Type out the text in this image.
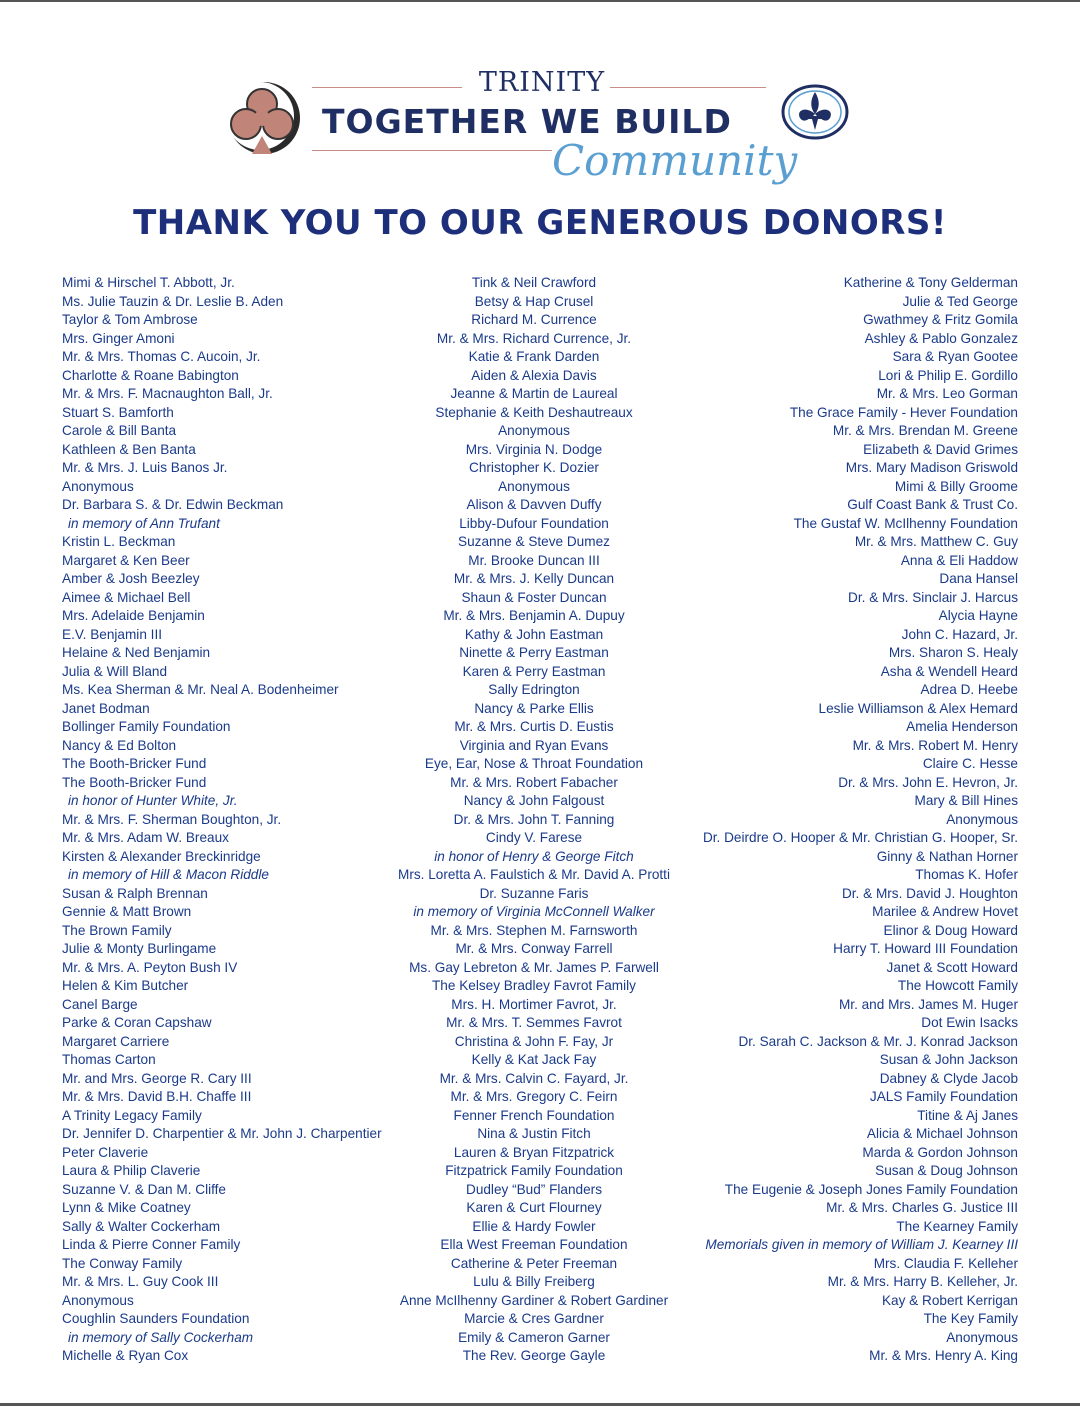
TRINITY
TOGETHER WE BUILD
Community
THANK YOU TO OUR GENEROUS DONORS!
Mimi & Hirschel T. Abbott, Jr.
Ms. Julie Tauzin & Dr. Leslie B. Aden
Taylor & Tom Ambrose
Mrs. Ginger Amoni
Mr. & Mrs. Thomas C. Aucoin, Jr.
Charlotte & Roane Babington
Mr. & Mrs. F. Macnaughton Ball, Jr.
Stuart S. Bamforth
Carole & Bill Banta
Kathleen & Ben Banta
Mr. & Mrs. J. Luis Banos Jr.
Anonymous
Dr. Barbara S. & Dr. Edwin Beckman
in memory of Ann Trufant
Kristin L. Beckman
Margaret & Ken Beer
Amber & Josh Beezley
Aimee & Michael Bell
Mrs. Adelaide Benjamin
E.V. Benjamin III
Helaine & Ned Benjamin
Julia & Will Bland
Ms. Kea Sherman & Mr. Neal A. Bodenheimer
Janet Bodman
Bollinger Family Foundation
Nancy & Ed Bolton
The Booth-Bricker Fund
The Booth-Bricker Fund
in honor of Hunter White, Jr.
Mr. & Mrs. F. Sherman Boughton, Jr.
Mr. & Mrs. Adam W. Breaux
Kirsten & Alexander Breckinridge
in memory of Hill & Macon Riddle
Susan & Ralph Brennan
Gennie & Matt Brown
The Brown Family
Julie & Monty Burlingame
Mr. & Mrs. A. Peyton Bush IV
Helen & Kim Butcher
Canel Barge
Parke & Coran Capshaw
Margaret Carriere
Thomas Carton
Mr. and Mrs. George R. Cary III
Mr. & Mrs. David B.H. Chaffe III
A Trinity Legacy Family
Dr. Jennifer D. Charpentier & Mr. John J. Charpentier
Peter Claverie
Laura & Philip Claverie
Suzanne V. & Dan M. Cliffe
Lynn & Mike Coatney
Sally & Walter Cockerham
Linda & Pierre Conner Family
The Conway Family
Mr. & Mrs. L. Guy Cook III
Anonymous
Coughlin Saunders Foundation
in memory of Sally Cockerham
Michelle & Ryan Cox
Tink & Neil Crawford
Betsy & Hap Crusel
Richard M. Currence
Mr. & Mrs. Richard Currence, Jr.
Katie & Frank Darden
Aiden & Alexia Davis
Jeanne & Martin de Laureal
Stephanie & Keith Deshautreaux
Anonymous
Mrs. Virginia N. Dodge
Christopher K. Dozier
Anonymous
Alison & Davven Duffy
Libby-Dufour Foundation
Suzanne & Steve Dumez
Mr. Brooke Duncan III
Mr. & Mrs. J. Kelly Duncan
Shaun & Foster Duncan
Mr. & Mrs. Benjamin A. Dupuy
Kathy & John Eastman
Ninette & Perry Eastman
Karen & Perry Eastman
Sally Edrington
Nancy & Parke Ellis
Mr. & Mrs. Curtis D. Eustis
Virginia and Ryan Evans
Eye, Ear, Nose & Throat Foundation
Mr. & Mrs. Robert Fabacher
Nancy & John Falgoust
Dr. & Mrs. John T. Fanning
Cindy V. Farese
in honor of Henry & George Fitch
Mrs. Loretta A. Faulstich & Mr. David A. Protti
Dr. Suzanne Faris
in memory of Virginia McConnell Walker
Mr. & Mrs. Stephen M. Farnsworth
Mr. & Mrs. Conway Farrell
Ms. Gay Lebreton & Mr. James P. Farwell
The Kelsey Bradley Favrot Family
Mrs. H. Mortimer Favrot, Jr.
Mr. & Mrs. T. Semmes Favrot
Christina & John F. Fay, Jr
Kelly & Kat Jack Fay
Mr. & Mrs. Calvin C. Fayard, Jr.
Mr. & Mrs. Gregory C. Feirn
Fenner French Foundation
Nina & Justin Fitch
Lauren & Bryan Fitzpatrick
Fitzpatrick Family Foundation
Dudley “Bud” Flanders
Karen & Curt Flourney
Ellie & Hardy Fowler
Ella West Freeman Foundation
Catherine & Peter Freeman
Lulu & Billy Freiberg
Anne McIlhenny Gardiner & Robert Gardiner
Marcie & Cres Gardner
Emily & Cameron Garner
The Rev. George Gayle
Katherine & Tony Gelderman
Julie & Ted George
Gwathmey & Fritz Gomila
Ashley & Pablo Gonzalez
Sara & Ryan Gootee
Lori & Philip E. Gordillo
Mr. & Mrs. Leo Gorman
The Grace Family - Hever Foundation
Mr. & Mrs. Brendan M. Greene
Elizabeth & David Grimes
Mrs. Mary Madison Griswold
Mimi & Billy Groome
Gulf Coast Bank & Trust Co.
The Gustaf W. McIlhenny Foundation
Mr. & Mrs. Matthew C. Guy
Anna & Eli Haddow
Dana Hansel
Dr. & Mrs. Sinclair J. Harcus
Alycia Hayne
John C. Hazard, Jr.
Mrs. Sharon S. Healy
Asha & Wendell Heard
Adrea D. Heebe
Leslie Williamson & Alex Hemard
Amelia Henderson
Mr. & Mrs. Robert M. Henry
Claire C. Hesse
Dr. & Mrs. John E. Hevron, Jr.
Mary & Bill Hines
Anonymous
Dr. Deirdre O. Hooper & Mr. Christian G. Hooper, Sr.
Ginny & Nathan Horner
Thomas K. Hofer
Dr. & Mrs. David J. Houghton
Marilee & Andrew Hovet
Elinor & Doug Howard
Harry T. Howard III Foundation
Janet & Scott Howard
The Howcott Family
Mr. and Mrs. James M. Huger
Dot Ewin Isacks
Dr. Sarah C. Jackson & Mr. J. Konrad Jackson
Susan & John Jackson
Dabney & Clyde Jacob
JALS Family Foundation
Titine & Aj Janes
Alicia & Michael Johnson
Marda & Gordon Johnson
Susan & Doug Johnson
The Eugenie & Joseph Jones Family Foundation
Mr. & Mrs. Charles G. Justice III
The Kearney Family
Memorials given in memory of William J. Kearney III
Mrs. Claudia F. Kelleher
Mr. & Mrs. Harry B. Kelleher, Jr.
Kay & Robert Kerrigan
The Key Family
Anonymous
Mr. & Mrs. Henry A. King
